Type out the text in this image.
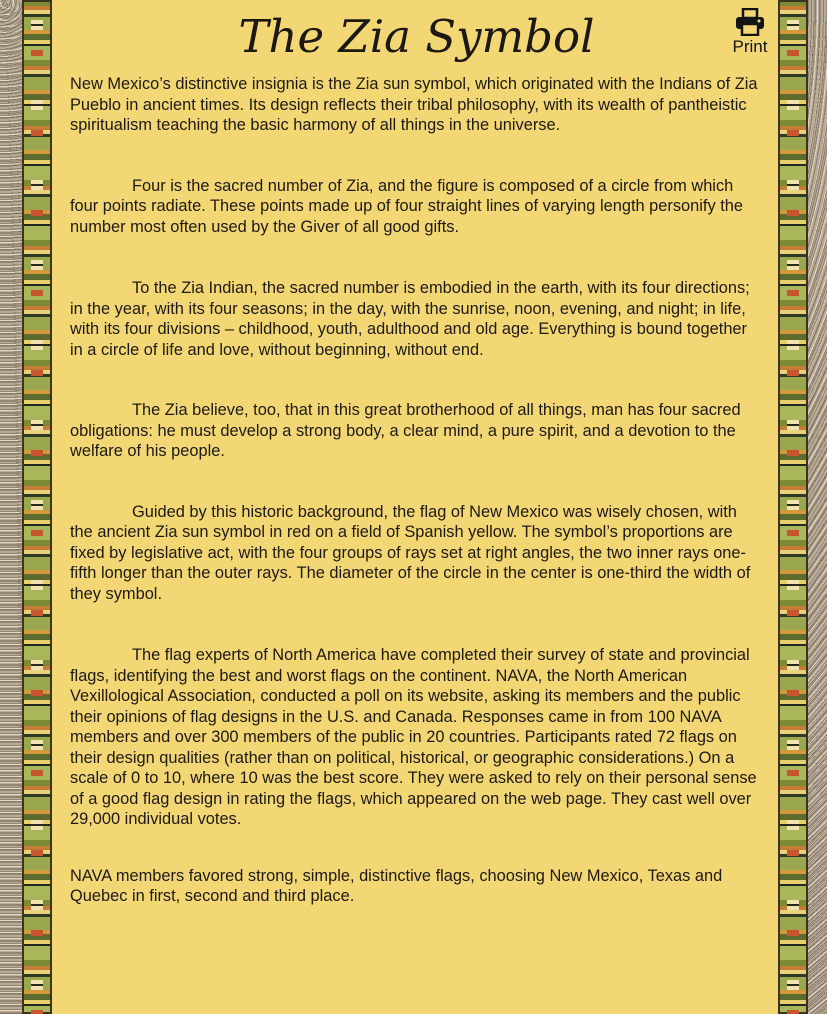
The Zia Symbol	Print

New Mexico’s distinctive insignia is the Zia sun symbol, which originated with the Indians of Zia Pueblo in ancient times. Its design reflects their tribal philosophy, with its wealth of pantheistic spiritualism teaching the basic harmony of all things in the universe.

Four is the sacred number of Zia, and the figure is composed of a circle from which four points radiate. These points made up of four straight lines of varying length personify the number most often used by the Giver of all good gifts.

To the Zia Indian, the sacred number is embodied in the earth, with its four directions; in the year, with its four seasons; in the day, with the sunrise, noon, evening, and night; in life, with its four divisions – childhood, youth, adulthood and old age. Everything is bound together in a circle of life and love, without beginning, without end.

The Zia believe, too, that in this great brotherhood of all things, man has four sacred obligations: he must develop a strong body, a clear mind, a pure spirit, and a devotion to the welfare of his people.

Guided by this historic background, the flag of New Mexico was wisely chosen, with the ancient Zia sun symbol in red on a field of Spanish yellow. The symbol’s proportions are fixed by legislative act, with the four groups of rays set at right angles, the two inner rays one-fifth longer than the outer rays. The diameter of the circle in the center is one-third the width of they symbol.

The flag experts of North America have completed their survey of state and provincial flags, identifying the best and worst flags on the continent. NAVA, the North American Vexillological Association, conducted a poll on its website, asking its members and the public their opinions of flag designs in the U.S. and Canada. Responses came in from 100 NAVA members and over 300 members of the public in 20 countries. Participants rated 72 flags on their design qualities (rather than on political, historical, or geographic considerations.) On a scale of 0 to 10, where 10 was the best score. They were asked to rely on their personal sense of a good flag design in rating the flags, which appeared on the web page. They cast well over 29,000 individual votes.

NAVA members favored strong, simple, distinctive flags, choosing New Mexico, Texas and Quebec in first, second and third place.
